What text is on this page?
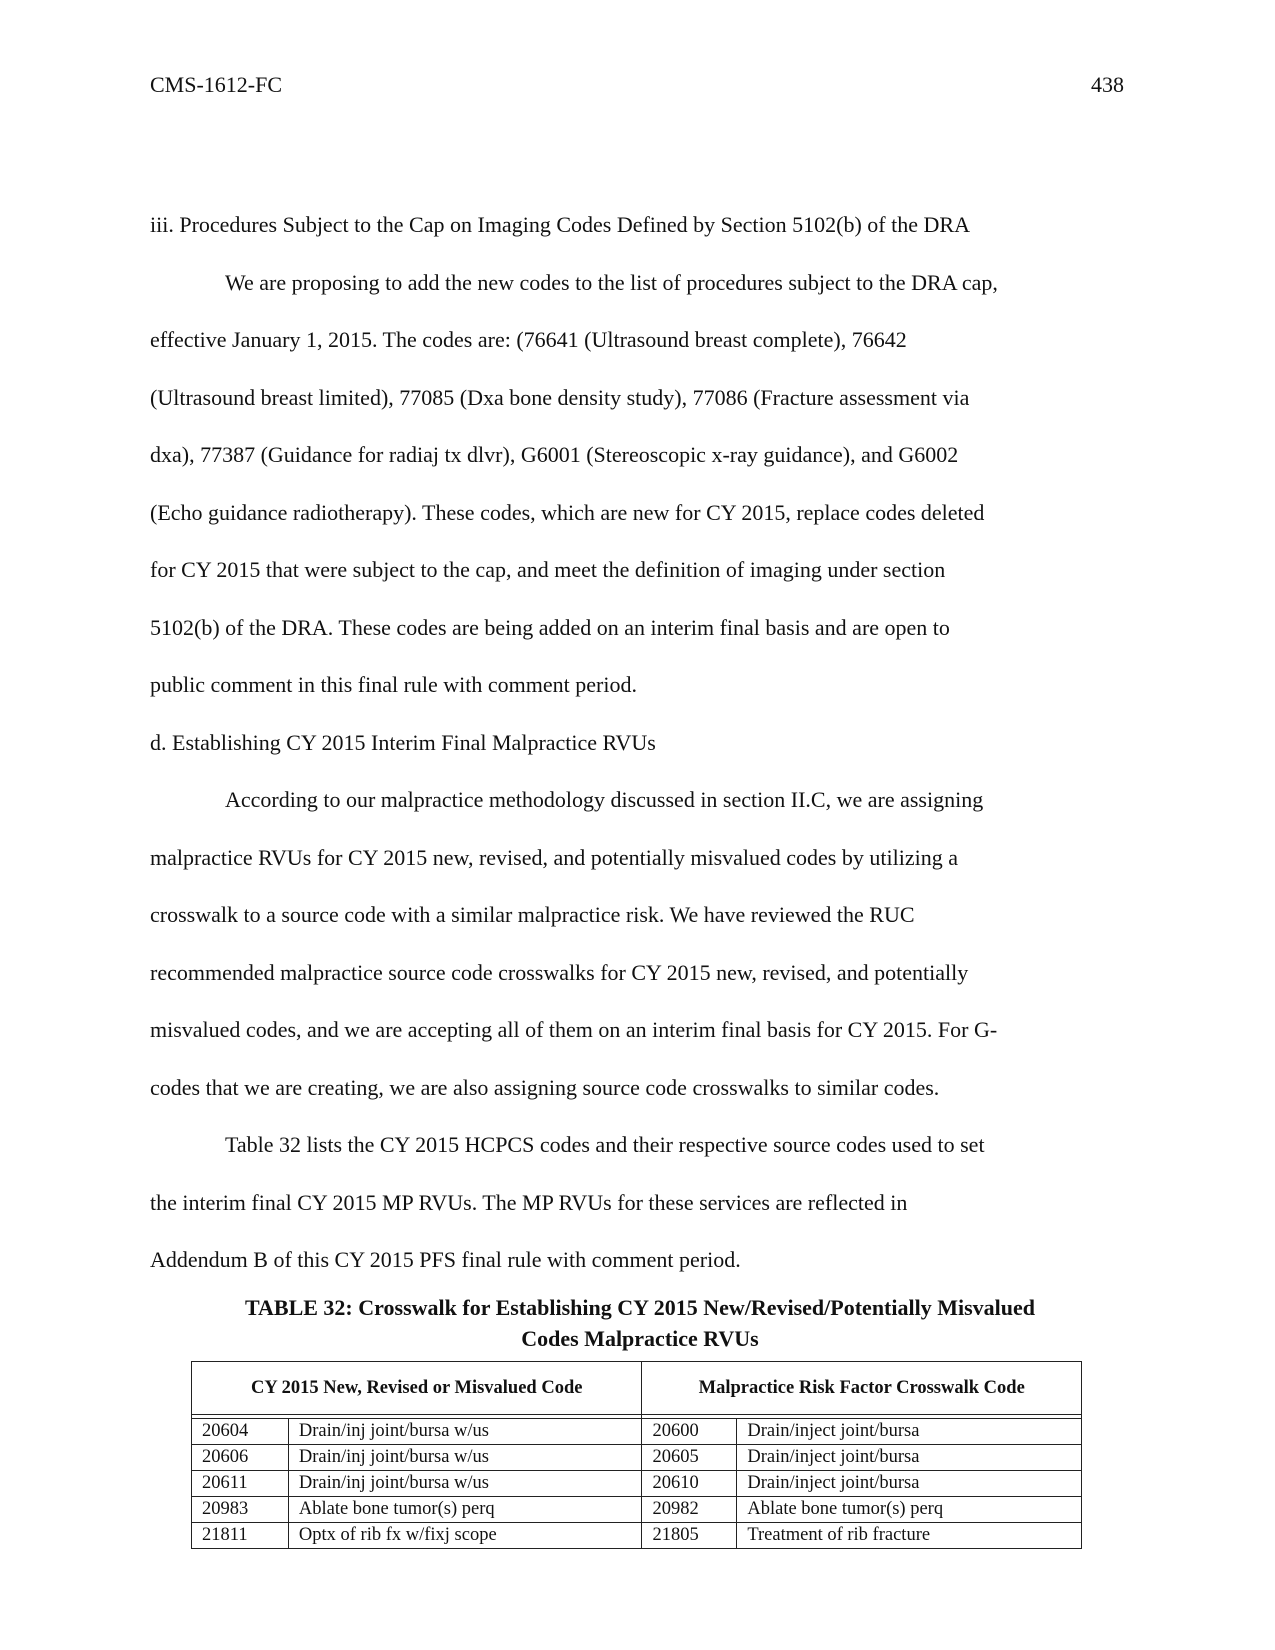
CMS-1612-FC	438

iii. Procedures Subject to the Cap on Imaging Codes Defined by Section 5102(b) of the DRA

We are proposing to add the new codes to the list of procedures subject to the DRA cap,
effective January 1, 2015. The codes are: (76641 (Ultrasound breast complete), 76642
(Ultrasound breast limited), 77085 (Dxa bone density study), 77086 (Fracture assessment via
dxa), 77387 (Guidance for radiaj tx dlvr), G6001 (Stereoscopic x-ray guidance), and G6002
(Echo guidance radiotherapy). These codes, which are new for CY 2015, replace codes deleted
for CY 2015 that were subject to the cap, and meet the definition of imaging under section
5102(b) of the DRA. These codes are being added on an interim final basis and are open to
public comment in this final rule with comment period.

d. Establishing CY 2015 Interim Final Malpractice RVUs

According to our malpractice methodology discussed in section II.C, we are assigning
malpractice RVUs for CY 2015 new, revised, and potentially misvalued codes by utilizing a
crosswalk to a source code with a similar malpractice risk. We have reviewed the RUC
recommended malpractice source code crosswalks for CY 2015 new, revised, and potentially
misvalued codes, and we are accepting all of them on an interim final basis for CY 2015. For G-
codes that we are creating, we are also assigning source code crosswalks to similar codes.

Table 32 lists the CY 2015 HCPCS codes and their respective source codes used to set
the interim final CY 2015 MP RVUs. The MP RVUs for these services are reflected in
Addendum B of this CY 2015 PFS final rule with comment period.

TABLE 32: Crosswalk for Establishing CY 2015 New/Revised/Potentially Misvalued
Codes Malpractice RVUs
CY 2015 New, Revised or Misvalued Code		Malpractice Risk Factor Crosswalk Code	

20604	Drain/inj joint/bursa w/us	20600	Drain/inject joint/bursa
20606	Drain/inj joint/bursa w/us	20605	Drain/inject joint/bursa
20611	Drain/inj joint/bursa w/us	20610	Drain/inject joint/bursa
20983	Ablate bone tumor(s) perq	20982	Ablate bone tumor(s) perq
21811	Optx of rib fx w/fixj scope	21805	Treatment of rib fracture
